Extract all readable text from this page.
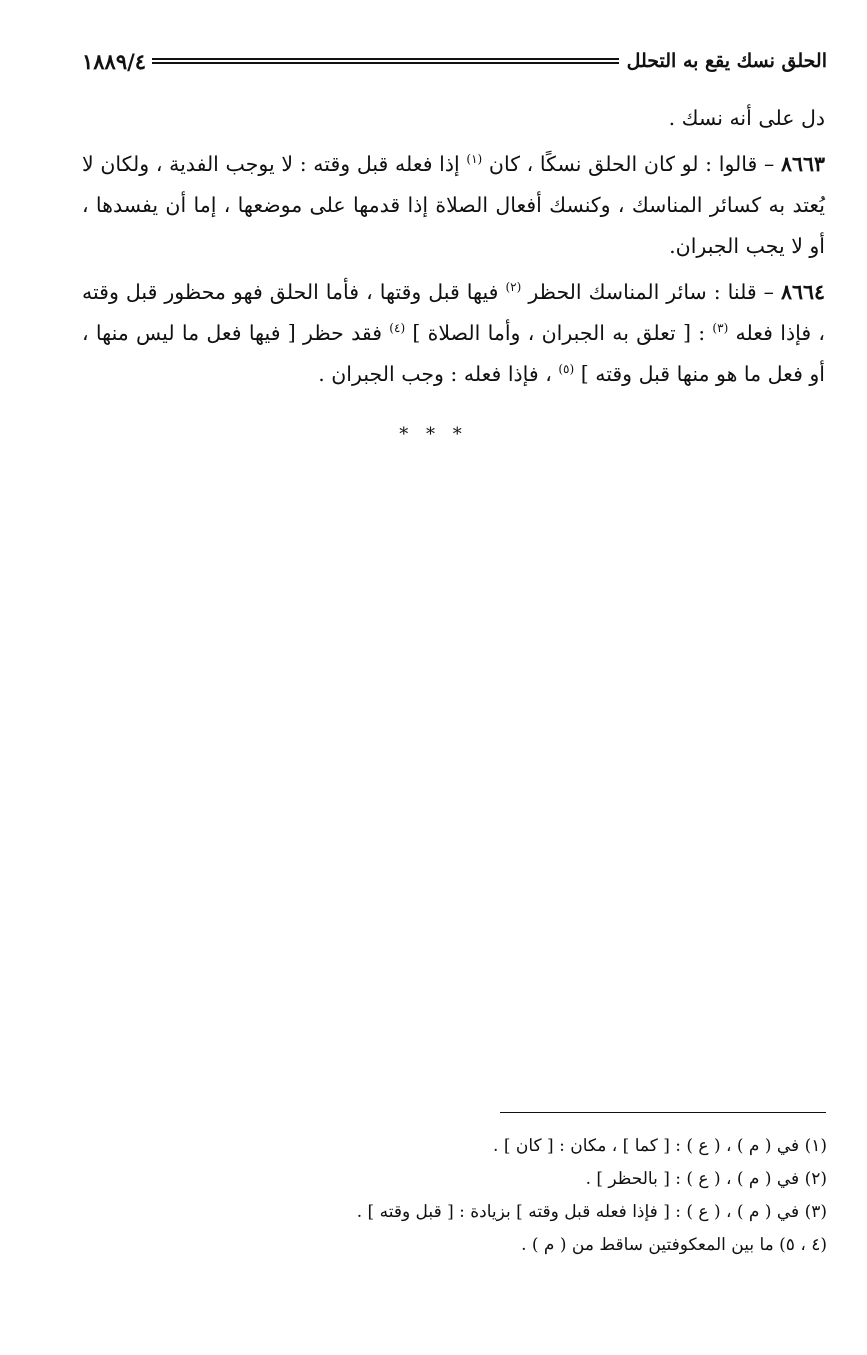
الحلق نسك يقع به التحلل
١٨٨٩/٤

دل على أنه نسك .

٨٦٦٣ – قالوا : لو كان الحلق نسكًا ، كان $^{(١)}$ إذا فعله قبل وقته : لا يوجب الفدية ، ولكان لا يُعتد به كسائر المناسك ، وكنسك أفعال الصلاة إذا قدمها على موضعها ، إما أن يفسدها ، أو لا يجب الجبران.

٨٦٦٤ – قلنا : سائر المناسك الحظر $^{(٢)}$ فيها قبل وقتها ، فأما الحلق فهو محظور قبل وقته ، فإذا فعله $^{(٣)}$ : [ تعلق به الجبران ، وأما الصلاة ] $^{(٤)}$ فقد حظر [ فيها فعل ما ليس منها ، أو فعل ما هو منها قبل وقته ] $^{(٥)}$ ، فإذا فعله : وجب الجبران .

* * *
(١) في ( م ) ، ( ع ) : [ كما ] ، مكان : [ كان ] .
(٢) في ( م ) ، ( ع ) : [ بالحظر ] .
(٣) في ( م ) ، ( ع ) : [ فإذا فعله قبل وقته ] بزيادة : [ قبل وقته ] .
(٤ ، ٥) ما بين المعكوفتين ساقط من ( م ) .
